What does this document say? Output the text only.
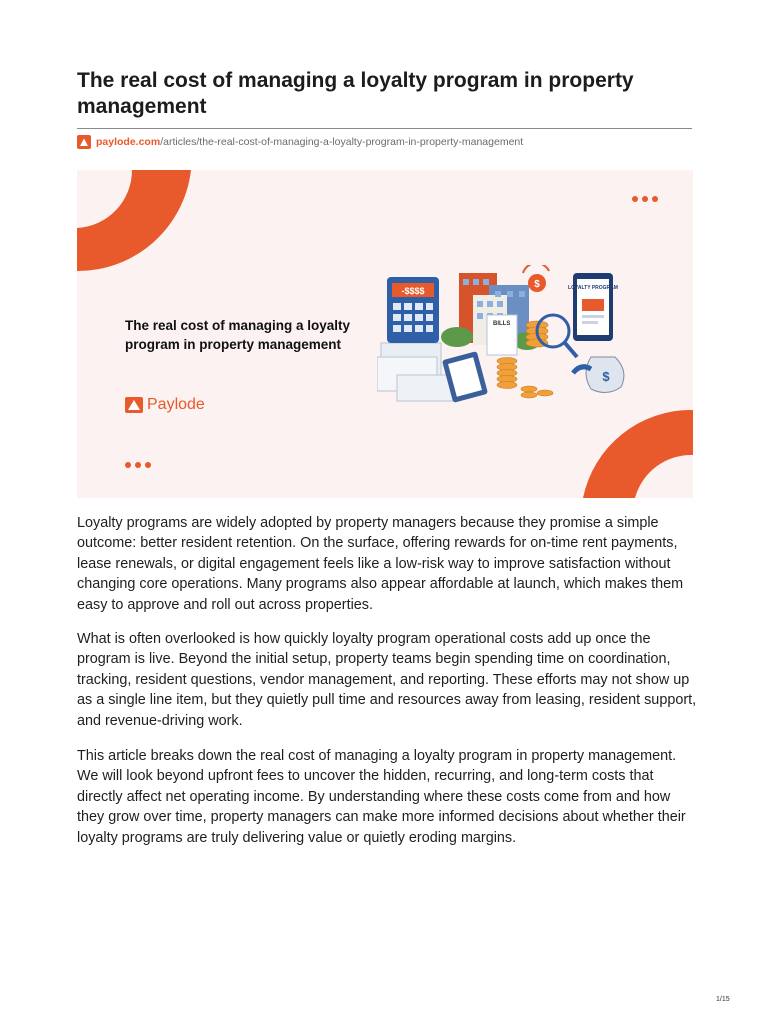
The real cost of managing a loyalty program in property management
paylode.com /articles/the-real-cost-of-managing-a-loyalty-program-in-property-management
The real cost of managing a loyalty program in property management
Paylode
-$$$$
BILLS
$	LOYALTY PROGRAM
$

Loyalty programs are widely adopted by property managers because they promise a simple outcome: better resident retention. On the surface, offering rewards for on-time rent payments, lease renewals, or digital engagement feels like a low-risk way to improve satisfaction without changing core operations. Many programs also appear affordable at launch, which makes them easy to approve and roll out across properties.

What is often overlooked is how quickly loyalty program operational costs add up once the program is live. Beyond the initial setup, property teams begin spending time on coordination, tracking, resident questions, vendor management, and reporting. These efforts may not show up as a single line item, but they quietly pull time and resources away from leasing, resident support, and revenue-driving work.

This article breaks down the real cost of managing a loyalty program in property management. We will look beyond upfront fees to uncover the hidden, recurring, and long-term costs that directly affect net operating income. By understanding where these costs come from and how they grow over time, property managers can make more informed decisions about whether their loyalty programs are truly delivering value or quietly eroding margins.

1/15
